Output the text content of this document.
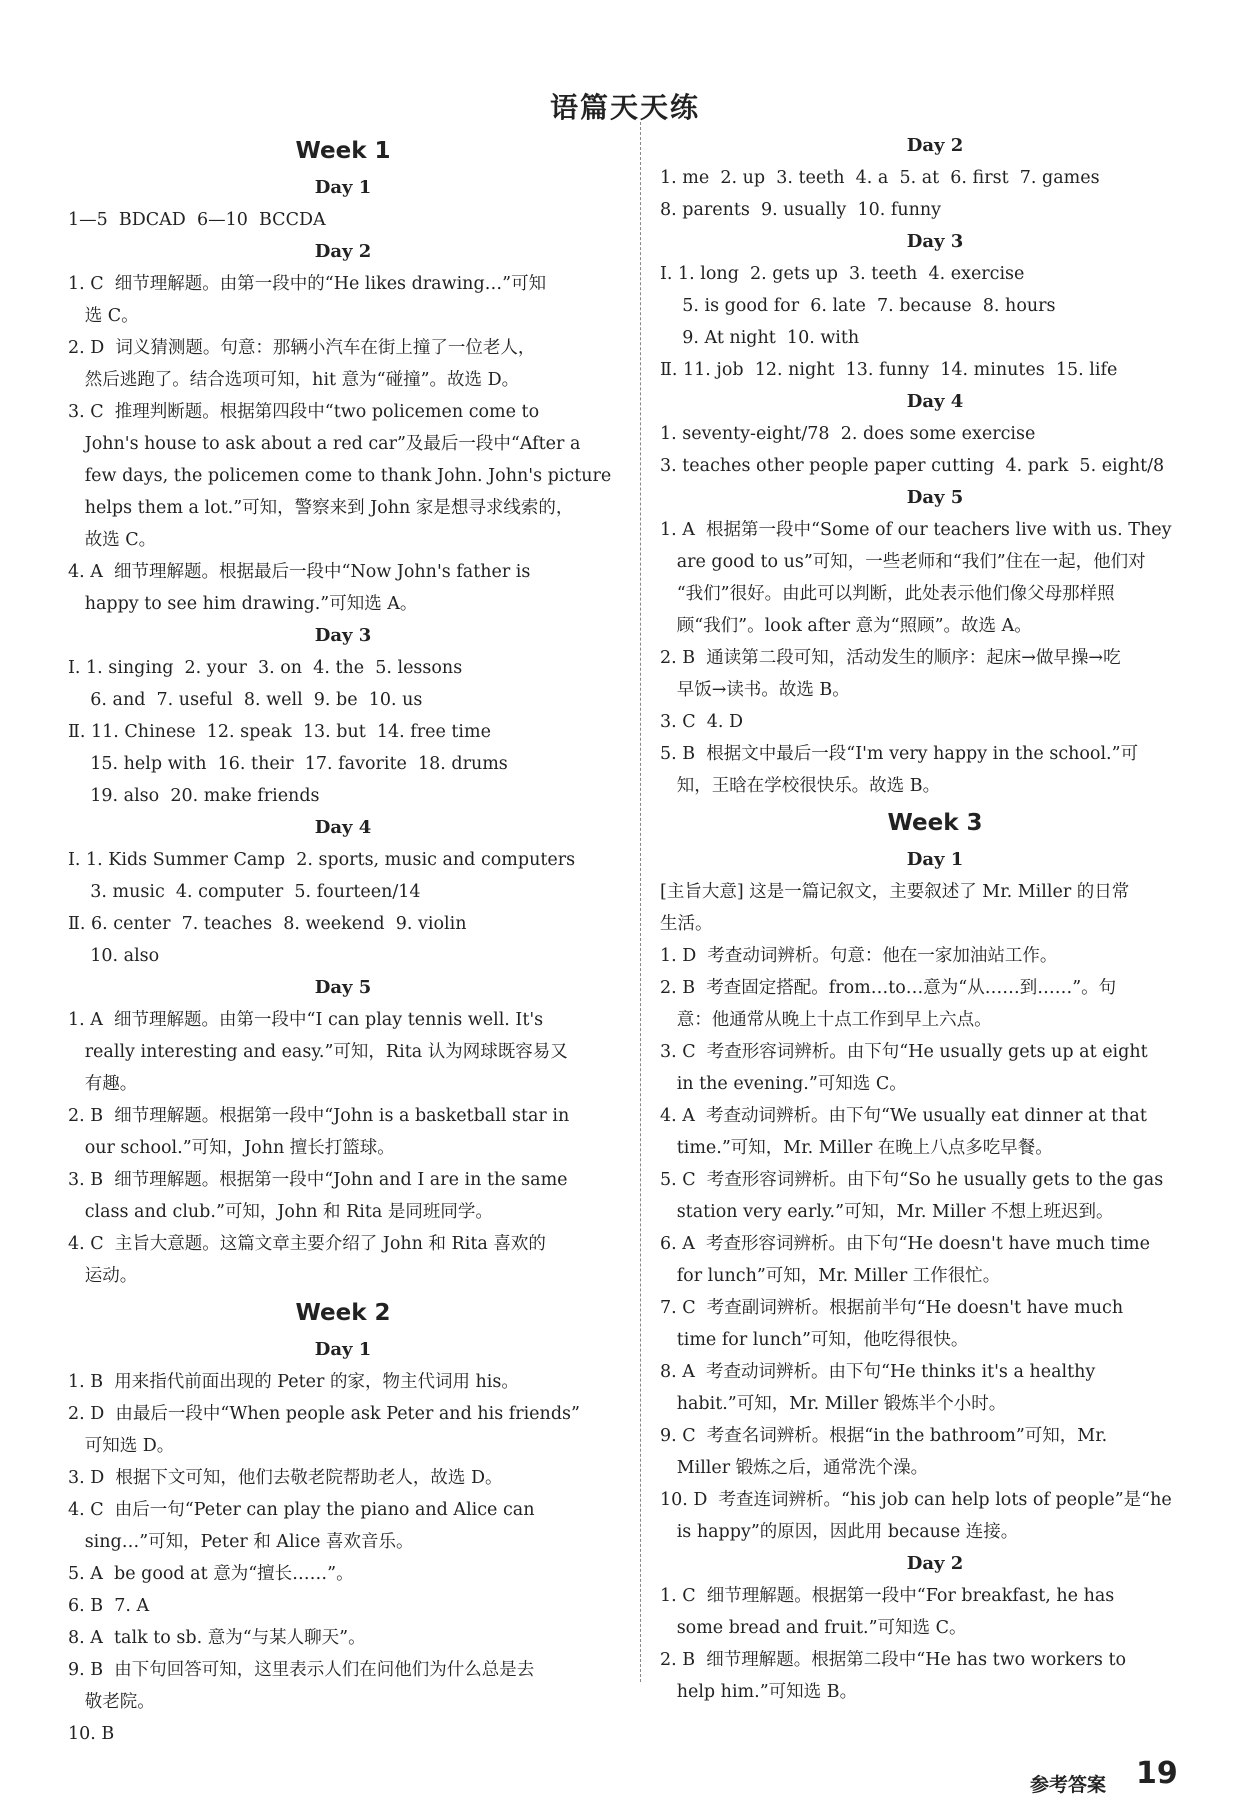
语篇天天练
Week 1
Day 1
1—5  BDCAD  6—10  BCCDA
Day 2
1. C  细节理解题。由第一段中的“He likes drawing…”可知
选 C。
2. D  词义猜测题。句意：那辆小汽车在街上撞了一位老人，
然后逃跑了。结合选项可知，hit 意为“碰撞”。故选 D。
3. C  推理判断题。根据第四段中“two policemen come to
John's house to ask about a red car”及最后一段中“After a
few days, the policemen come to thank John. John's picture
helps them a lot.”可知，警察来到 John 家是想寻求线索的，
故选 C。
4. A  细节理解题。根据最后一段中“Now John's father is
happy to see him drawing.”可知选 A。
Day 3
Ⅰ. 1. singing  2. your  3. on  4. the  5. lessons
6. and  7. useful  8. well  9. be  10. us
Ⅱ. 11. Chinese  12. speak  13. but  14. free time
15. help with  16. their  17. favorite  18. drums
19. also  20. make friends
Day 4
Ⅰ. 1. Kids Summer Camp  2. sports, music and computers
3. music  4. computer  5. fourteen/14
Ⅱ. 6. center  7. teaches  8. weekend  9. violin
10. also
Day 5
1. A  细节理解题。由第一段中“I can play tennis well. It's
really interesting and easy.”可知，Rita 认为网球既容易又
有趣。
2. B  细节理解题。根据第一段中“John is a basketball star in
our school.”可知，John 擅长打篮球。
3. B  细节理解题。根据第一段中“John and I are in the same
class and club.”可知，John 和 Rita 是同班同学。
4. C  主旨大意题。这篇文章主要介绍了 John 和 Rita 喜欢的
运动。
Week 2
Day 1
1. B  用来指代前面出现的 Peter 的家，物主代词用 his。
2. D  由最后一段中“When people ask Peter and his friends”
可知选 D。
3. D  根据下文可知，他们去敬老院帮助老人，故选 D。
4. C  由后一句“Peter can play the piano and Alice can
sing…”可知，Peter 和 Alice 喜欢音乐。
5. A  be good at 意为“擅长……”。
6. B  7. A
8. A  talk to sb. 意为“与某人聊天”。
9. B  由下句回答可知，这里表示人们在问他们为什么总是去
敬老院。
10. B
Day 2
1. me  2. up  3. teeth  4. a  5. at  6. first  7. games
8. parents  9. usually  10. funny
Day 3
Ⅰ. 1. long  2. gets up  3. teeth  4. exercise
5. is good for  6. late  7. because  8. hours
9. At night  10. with
Ⅱ. 11. job  12. night  13. funny  14. minutes  15. life
Day 4
1. seventy-eight/78  2. does some exercise
3. teaches other people paper cutting  4. park  5. eight/8
Day 5
1. A  根据第一段中“Some of our teachers live with us. They
are good to us”可知，一些老师和“我们”住在一起，他们对
“我们”很好。由此可以判断，此处表示他们像父母那样照
顾“我们”。look after 意为“照顾”。故选 A。
2. B  通读第二段可知，活动发生的顺序：起床→做早操→吃
早饭→读书。故选 B。
3. C  4. D
5. B  根据文中最后一段“I'm very happy in the school.”可
知，王晗在学校很快乐。故选 B。
Week 3
Day 1
[主旨大意] 这是一篇记叙文，主要叙述了 Mr. Miller 的日常
生活。
1. D  考查动词辨析。句意：他在一家加油站工作。
2. B  考查固定搭配。from…to…意为“从……到……”。句
意：他通常从晚上十点工作到早上六点。
3. C  考查形容词辨析。由下句“He usually gets up at eight
in the evening.”可知选 C。
4. A  考查动词辨析。由下句“We usually eat dinner at that
time.”可知，Mr. Miller 在晚上八点多吃早餐。
5. C  考查形容词辨析。由下句“So he usually gets to the gas
station very early.”可知，Mr. Miller 不想上班迟到。
6. A  考查形容词辨析。由下句“He doesn't have much time
for lunch”可知，Mr. Miller 工作很忙。
7. C  考查副词辨析。根据前半句“He doesn't have much
time for lunch”可知，他吃得很快。
8. A  考查动词辨析。由下句“He thinks it's a healthy
habit.”可知，Mr. Miller 锻炼半个小时。
9. C  考查名词辨析。根据“in the bathroom”可知，Mr.
Miller 锻炼之后，通常洗个澡。
10. D  考查连词辨析。“his job can help lots of people”是“he
is happy”的原因，因此用 because 连接。
Day 2
1. C  细节理解题。根据第一段中“For breakfast, he has
some bread and fruit.”可知选 C。
2. B  细节理解题。根据第二段中“He has two workers to
help him.”可知选 B。
参考答案 19
